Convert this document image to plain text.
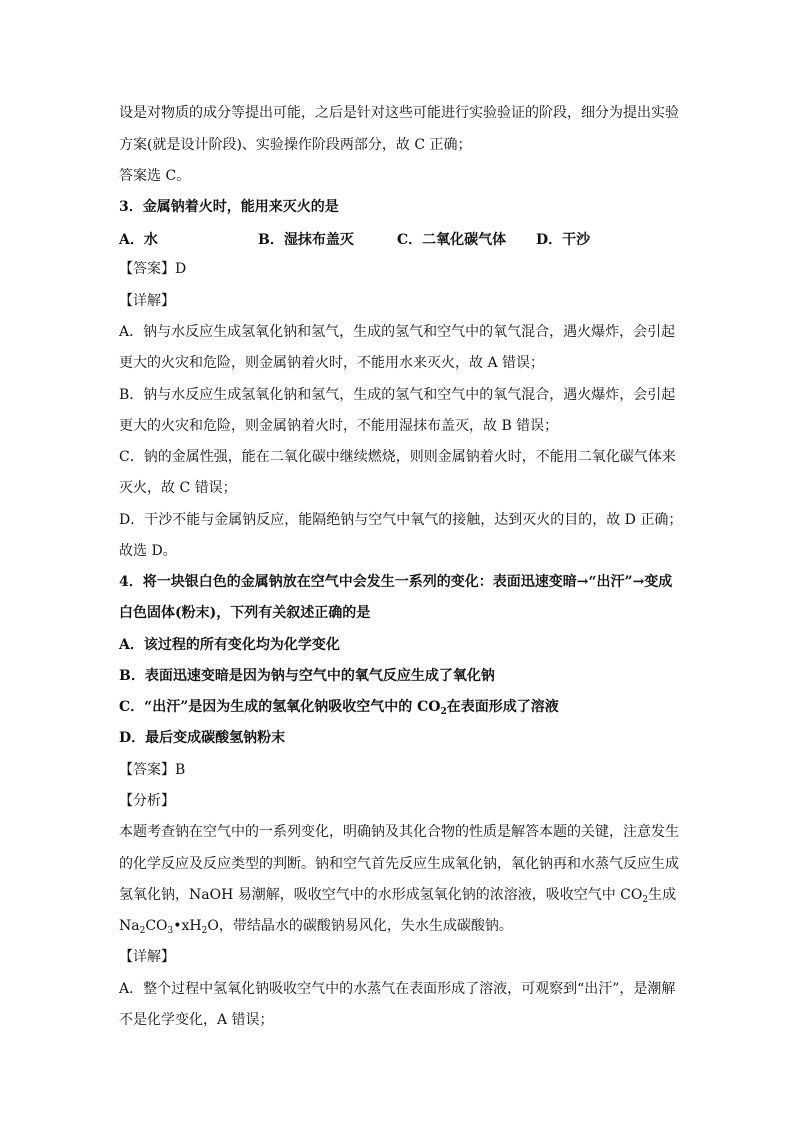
设是对物质的成分等提出可能，之后是针对这些可能进行实验验证的阶段，细分为提出实验
方案(就是设计阶段)、实验操作阶段两部分，故 C 正确；
答案选 C。
3．金属钠着火时，能用来灭火的是
A．水	B．湿抹布盖灭	C．二氧化碳气体 D．干沙
【答案】D
【详解】
A．钠与水反应生成氢氧化钠和氢气，生成的氢气和空气中的氧气混合，遇火爆炸，会引起
更大的火灾和危险，则金属钠着火时，不能用水来灭火，故 A 错误；
B．钠与水反应生成氢氧化钠和氢气，生成的氢气和空气中的氧气混合，遇火爆炸，会引起
更大的火灾和危险，则金属钠着火时，不能用湿抹布盖灭，故 B 错误；
C．钠的金属性强，能在二氧化碳中继续燃烧，则则金属钠着火时，不能用二氧化碳气体来
灭火，故 C 错误；
D．干沙不能与金属钠反应，能隔绝钠与空气中氧气的接触，达到灭火的目的，故 D 正确；
故选 D。
4．将一块银白色的金属钠放在空气中会发生一系列的变化：表面迅速变暗→“出汗”→变成
白色固体(粉末)，下列有关叙述正确的是
A．该过程的所有变化均为化学变化
B．表面迅速变暗是因为钠与空气中的氧气反应生成了氧化钠
C．“出汗”是因为生成的氢氧化钠吸收空气中的 $CO_2$在表面形成了溶液
D．最后变成碳酸氢钠粉末
【答案】B
【分析】
本题考查钠在空气中的一系列变化，明确钠及其化合物的性质是解答本题的关键，注意发生
的化学反应及反应类型的判断。钠和空气首先反应生成氧化钠，氧化钠再和水蒸气反应生成
氢氧化钠，NaOH 易潮解，吸收空气中的水形成氢氧化钠的浓溶液，吸收空气中 $CO_2$生成
$Na_2CO_3•xH_2O$，带结晶水的碳酸钠易风化，失水生成碳酸钠。
【详解】
A．整个过程中氢氧化钠吸收空气中的水蒸气在表面形成了溶液，可观察到“出汗”，是潮解
不是化学变化，A 错误；
